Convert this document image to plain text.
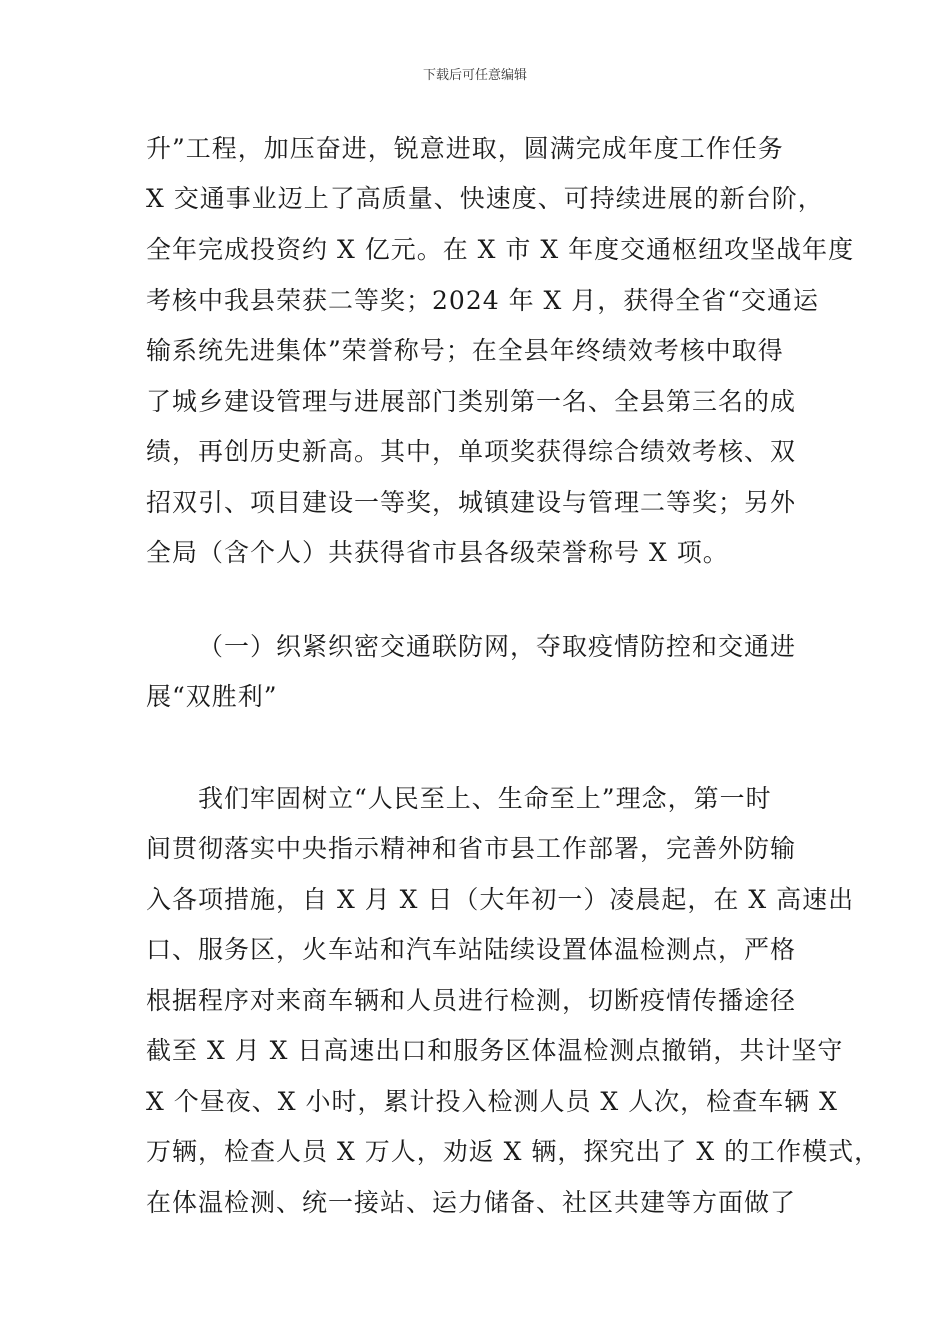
下载后可任意编辑
升”工程，加压奋进，锐意进取，圆满完成年度工作任务
X 交通事业迈上了高质量、快速度、可持续进展的新台阶，
全年完成投资约 X 亿元。在 X 市 X 年度交通枢纽攻坚战年度
考核中我县荣获二等奖；2024 年 X 月，获得全省“交通运
输系统先进集体”荣誉称号；在全县年终绩效考核中取得
了城乡建设管理与进展部门类别第一名、全县第三名的成
绩，再创历史新高。其中，单项奖获得综合绩效考核、双
招双引、项目建设一等奖，城镇建设与管理二等奖；另外
全局（含个人）共获得省市县各级荣誉称号 X 项。
（一）织紧织密交通联防网，夺取疫情防控和交通进
展“双胜利”
我们牢固树立“人民至上、生命至上”理念，第一时
间贯彻落实中央指示精神和省市县工作部署，完善外防输
入各项措施，自 X 月 X 日（大年初一）凌晨起，在 X 高速出
口、服务区，火车站和汽车站陆续设置体温检测点，严格
根据程序对来商车辆和人员进行检测，切断疫情传播途径
截至 X 月 X 日高速出口和服务区体温检测点撤销，共计坚守
X 个昼夜、X 小时，累计投入检测人员 X 人次，检查车辆 X
万辆，检查人员 X 万人，劝返 X 辆，探究出了 X 的工作模式，
在体温检测、统一接站、运力储备、社区共建等方面做了
